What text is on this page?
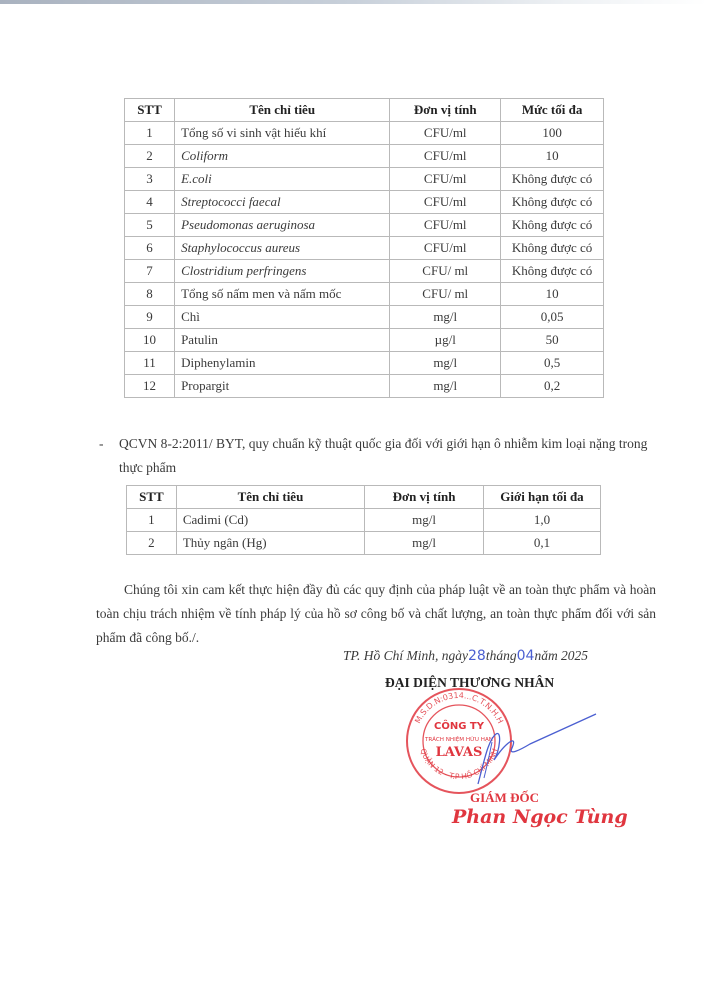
STT	Tên chỉ tiêu	Đơn vị tính	Mức tối đa
1	Tổng số vi sinh vật hiếu khí	CFU/ml	100
2	Coliform	CFU/ml	10
3	E.coli	CFU/ml	Không được có
4	Streptococci faecal	CFU/ml	Không được có
5	Pseudomonas aeruginosa	CFU/ml	Không được có
6	Staphylococcus aureus	CFU/ml	Không được có
7	Clostridium perfringens	CFU/ ml	Không được có
8	Tổng số nấm men và nấm mốc	CFU/ ml	10
9	Chì	mg/l	0,05
10	Patulin	µg/l	50
11	Diphenylamin	mg/l	0,5
12	Propargit	mg/l	0,2
-	QCVN 8-2:2011/ BYT, quy chuẩn kỹ thuật quốc gia đối với giới hạn ô nhiễm kim loại nặng trong thực phẩm
STT	Tên chỉ tiêu	Đơn vị tính	Giới hạn tối đa
1	Cadimi (Cd)	mg/l	1,0
2	Thủy ngân (Hg)	mg/l	0,1
Chúng tôi xin cam kết thực hiện đầy đủ các quy định của pháp luật về an toàn thực phẩm và hoàn toàn chịu trách nhiệm về tính pháp lý của hồ sơ công bố và chất lượng, an toàn thực phẩm đối với sản phẩm đã công bố./.
TP. Hồ Chí Minh, ngày28tháng04năm 2025
ĐẠI DIỆN THƯƠNG NHÂN
M.S.D.N:0314...C.T.N.H.H
QUẬN 12 - T.P HỒ CHÍ MINH
CÔNG TY
TRÁCH NHIỆM HỮU HẠN
LAVAS
GIÁM ĐỐC
Phan Ngọc Tùng
